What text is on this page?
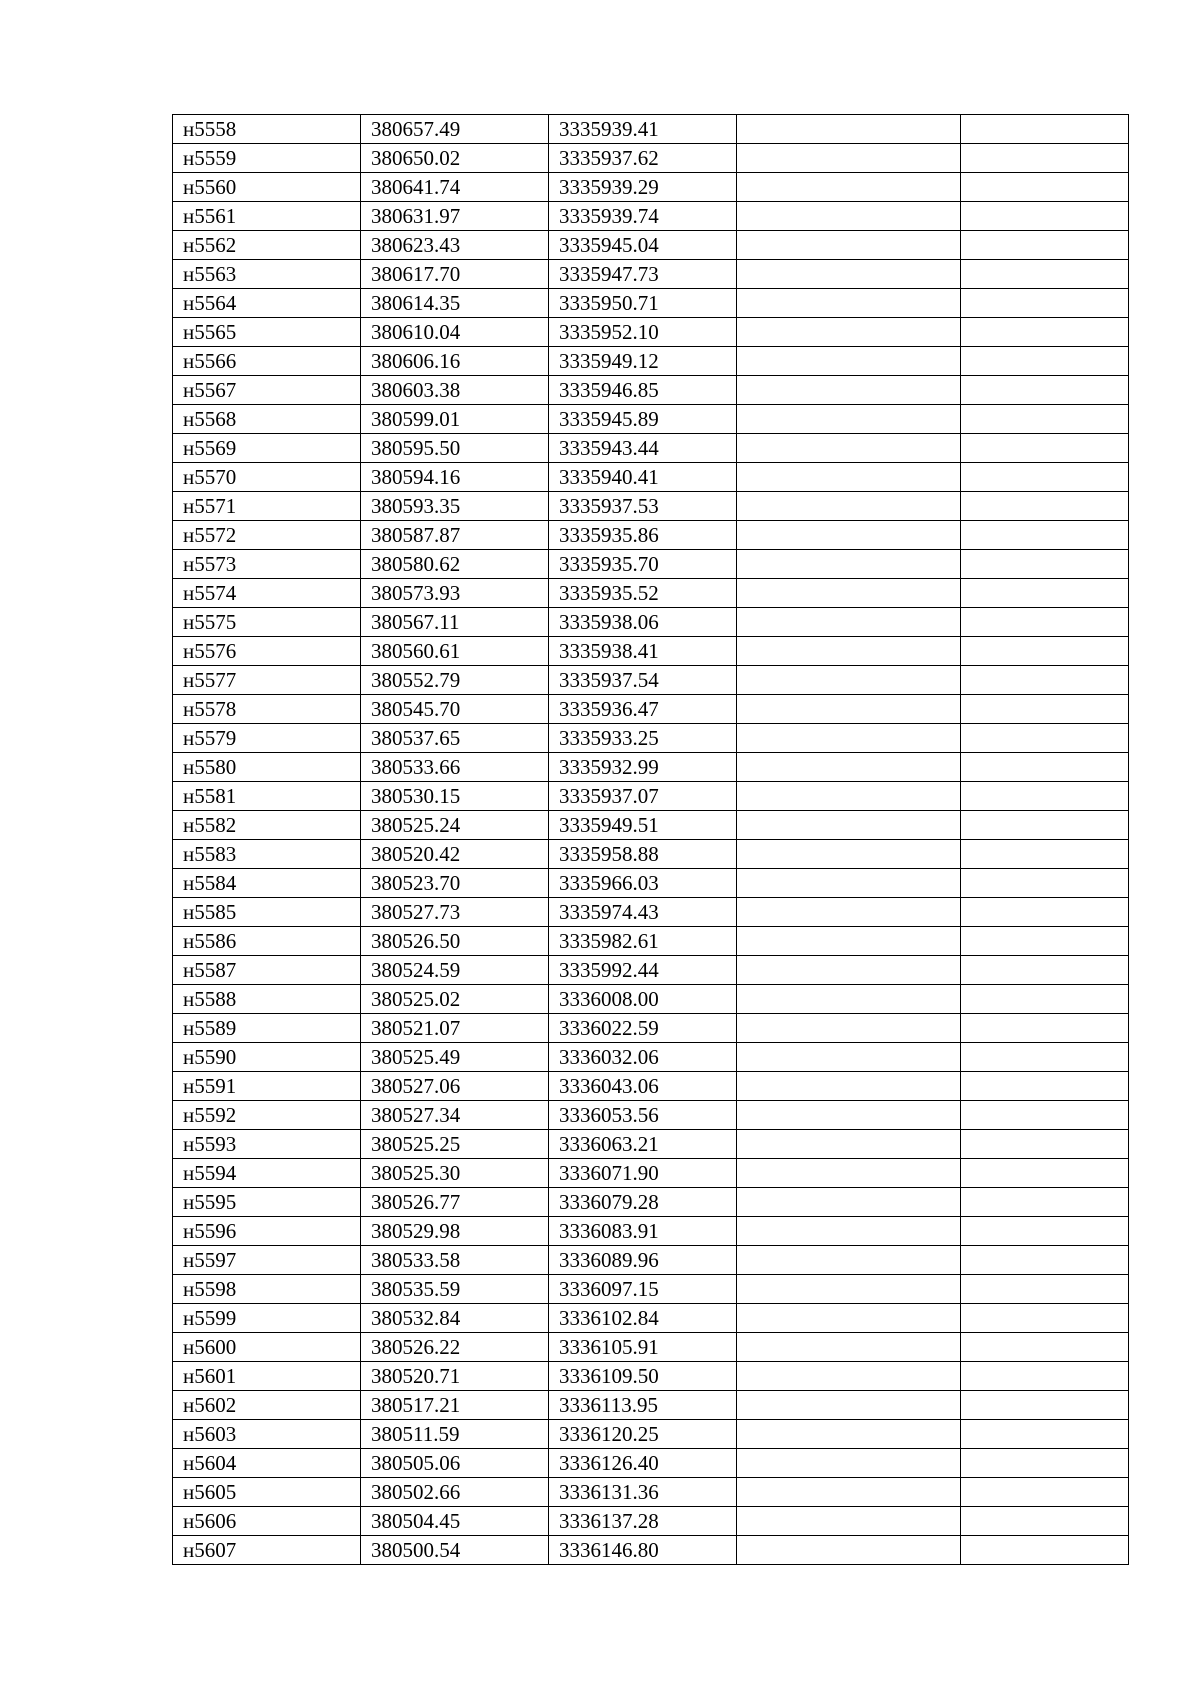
н5558	380657.49	3335939.41		
н5559	380650.02	3335937.62		
н5560	380641.74	3335939.29		
н5561	380631.97	3335939.74		
н5562	380623.43	3335945.04		
н5563	380617.70	3335947.73		
н5564	380614.35	3335950.71		
н5565	380610.04	3335952.10		
н5566	380606.16	3335949.12		
н5567	380603.38	3335946.85		
н5568	380599.01	3335945.89		
н5569	380595.50	3335943.44		
н5570	380594.16	3335940.41		
н5571	380593.35	3335937.53		
н5572	380587.87	3335935.86		
н5573	380580.62	3335935.70		
н5574	380573.93	3335935.52		
н5575	380567.11	3335938.06		
н5576	380560.61	3335938.41		
н5577	380552.79	3335937.54		
н5578	380545.70	3335936.47		
н5579	380537.65	3335933.25		
н5580	380533.66	3335932.99		
н5581	380530.15	3335937.07		
н5582	380525.24	3335949.51		
н5583	380520.42	3335958.88		
н5584	380523.70	3335966.03		
н5585	380527.73	3335974.43		
н5586	380526.50	3335982.61		
н5587	380524.59	3335992.44		
н5588	380525.02	3336008.00		
н5589	380521.07	3336022.59		
н5590	380525.49	3336032.06		
н5591	380527.06	3336043.06		
н5592	380527.34	3336053.56		
н5593	380525.25	3336063.21		
н5594	380525.30	3336071.90		
н5595	380526.77	3336079.28		
н5596	380529.98	3336083.91		
н5597	380533.58	3336089.96		
н5598	380535.59	3336097.15		
н5599	380532.84	3336102.84		
н5600	380526.22	3336105.91		
н5601	380520.71	3336109.50		
н5602	380517.21	3336113.95		
н5603	380511.59	3336120.25		
н5604	380505.06	3336126.40		
н5605	380502.66	3336131.36		
н5606	380504.45	3336137.28		
н5607	380500.54	3336146.80		
